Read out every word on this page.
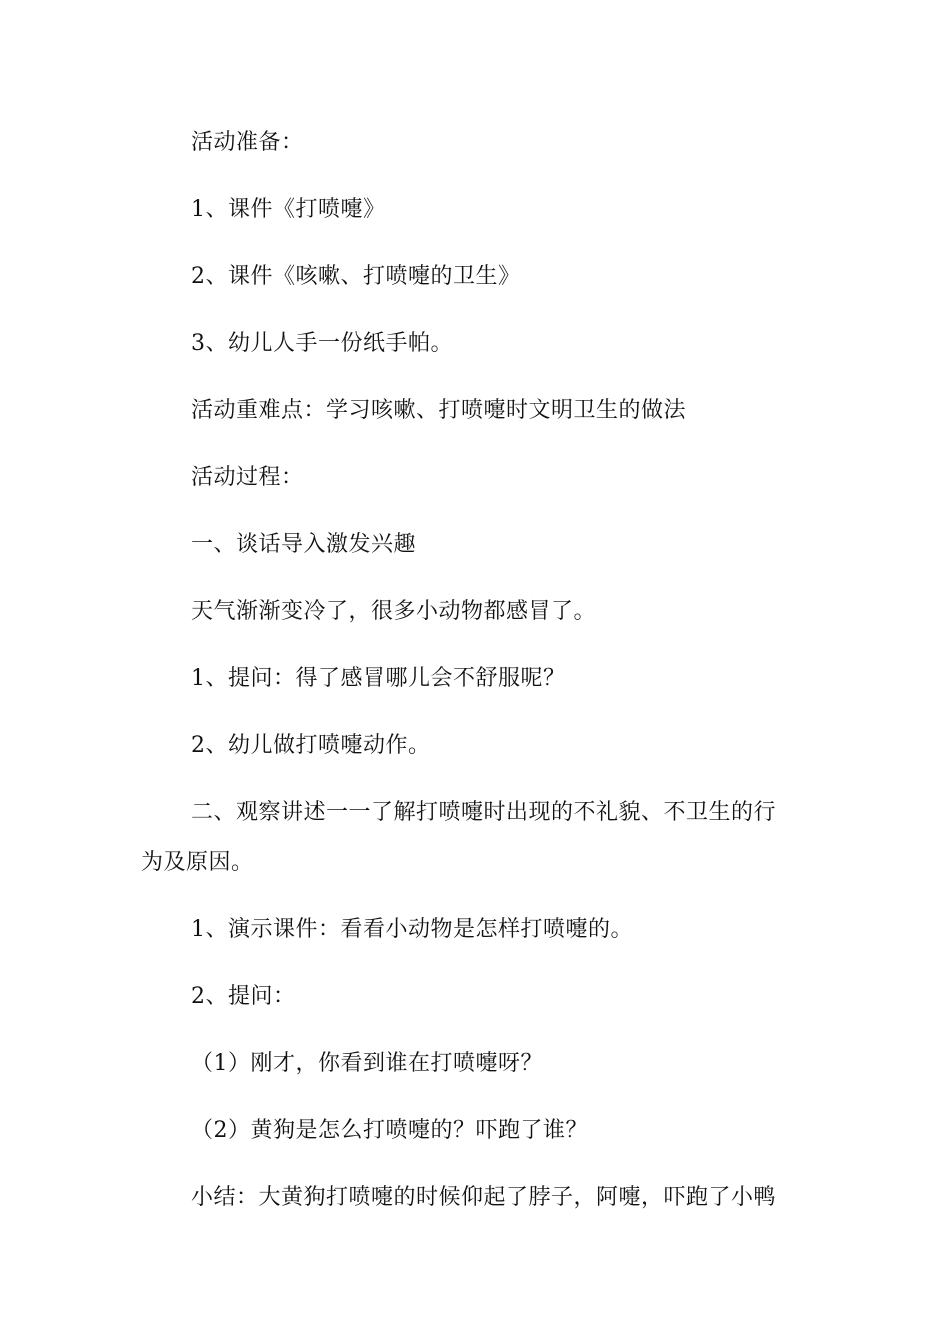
活动准备：
1、课件《打喷嚏》
2、课件《咳嗽、打喷嚏的卫生》
3、幼儿人手一份纸手帕。
活动重难点：学习咳嗽、打喷嚏时文明卫生的做法
活动过程：
一、谈话导入激发兴趣
天气渐渐变冷了，很多小动物都感冒了。
1、提问：得了感冒哪儿会不舒服呢？
2、幼儿做打喷嚏动作。
二、观察讲述一一了解打喷嚏时出现的不礼貌、不卫生的行
为及原因。
1、演示课件：看看小动物是怎样打喷嚏的。
2、提问：
（1）刚才，你看到谁在打喷嚏呀？
（2）黄狗是怎么打喷嚏的？吓跑了谁？
小结：大黄狗打喷嚏的时候仰起了脖子，阿嚏，吓跑了小鸭
